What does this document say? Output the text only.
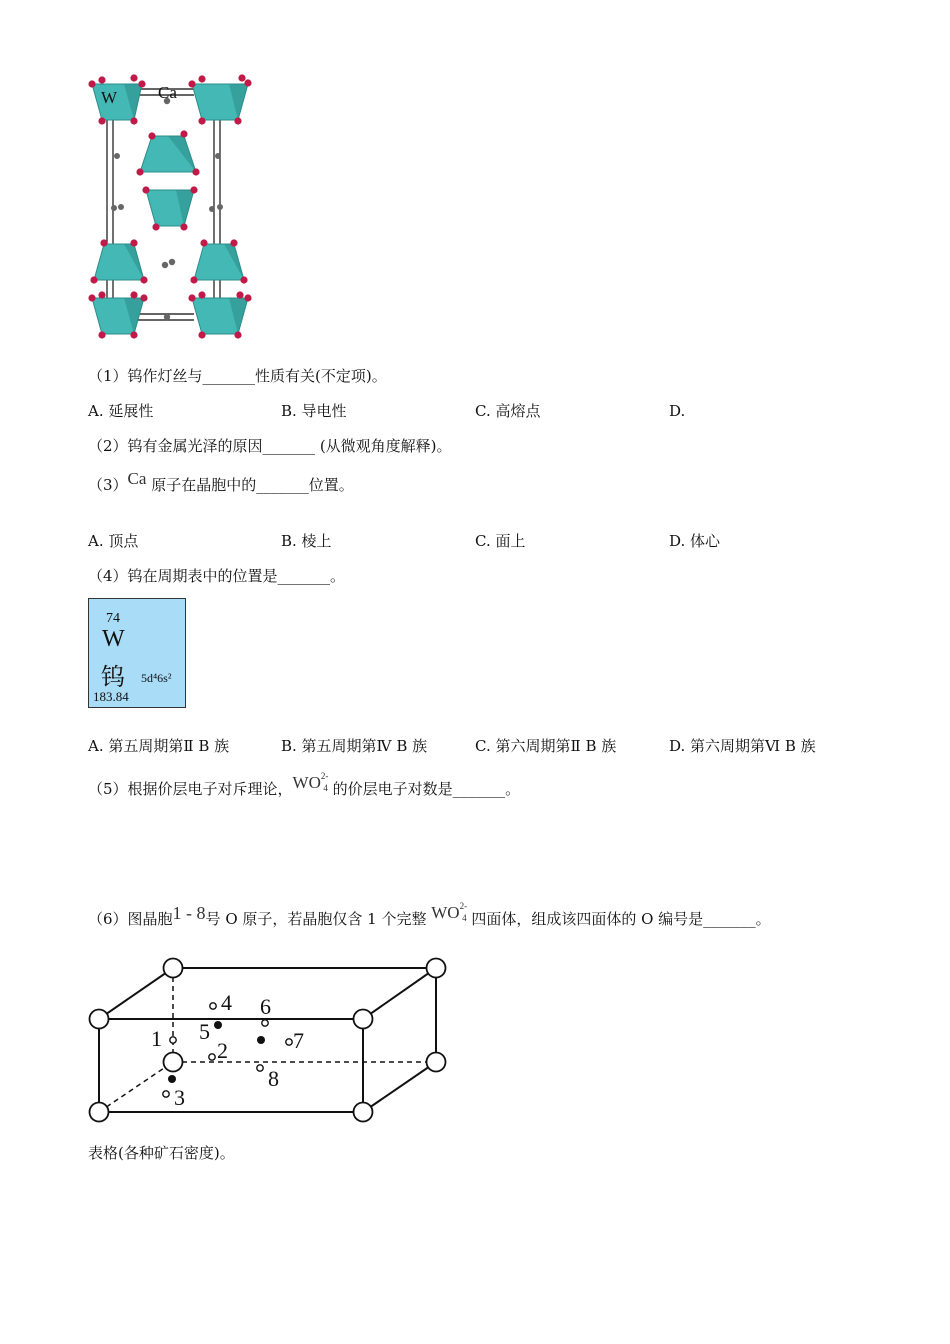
W Ca
（1）钨作灯丝与_______性质有关(不定项)。
A. 延展性	B. 导电性	C. 高熔点	D.
（2）钨有金属光泽的原因_______ (从微观角度解释)。
（3）Ca 原子在晶胞中的_______位置。
A. 顶点	B. 棱上	C. 面上	D. 体心
（4）钨在周期表中的位置是_______。
74
W
钨 5d⁴6s²
183.84
A. 第五周期第Ⅱ B 族	B. 第五周期第Ⅳ B 族	C. 第六周期第Ⅱ B 族	D. 第六周期第Ⅵ B 族
（5）根据价层电子对斥理论，$WO^{2-}4$ 的价层电子对数是_______。
（6）图晶胞1 - 8号 O 原子，若晶胞仅含 1 个完整 $WO^{2-}4$ 四面体，组成该四面体的 O 编号是_______。
1	2
3
4
5
6
7
8
表格(各种矿石密度)。
